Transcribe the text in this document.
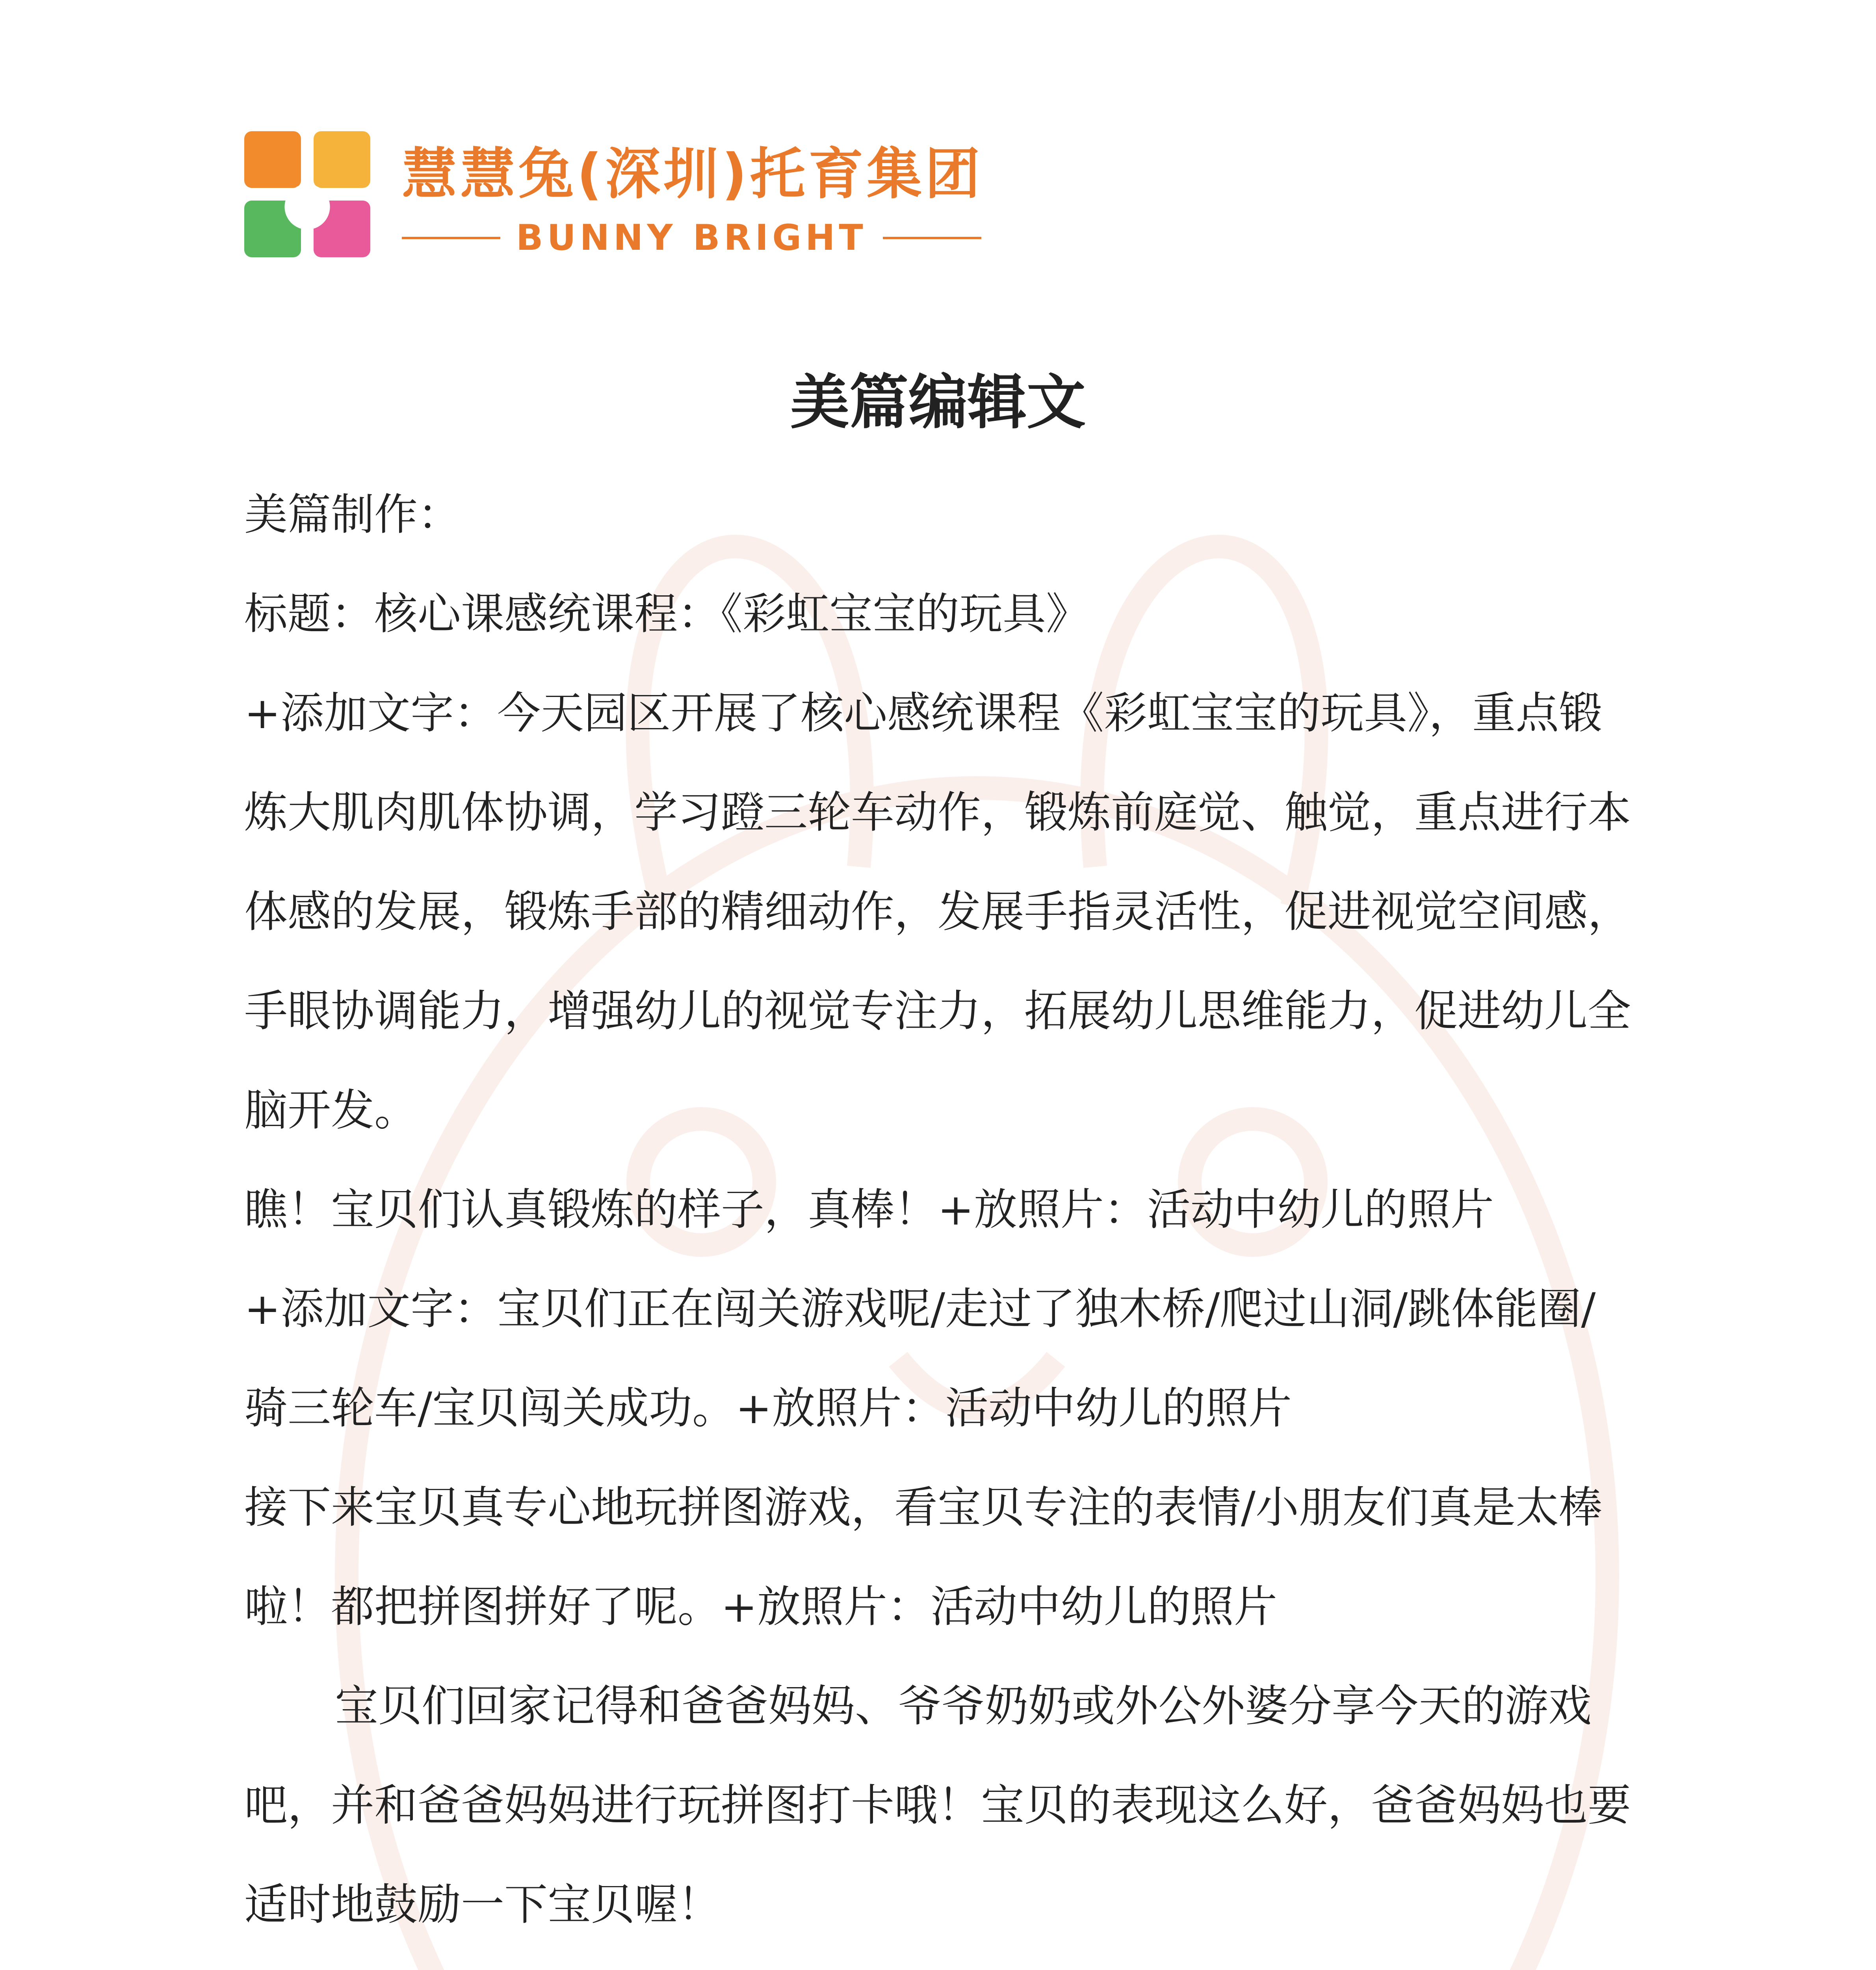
慧慧兔(深圳)托育集团
BUNNY BRIGHT
美篇编辑文

美篇制作：

标题：核心课感统课程：《彩虹宝宝的玩具》

+添加文字：今天园区开展了核心感统课程《彩虹宝宝的玩具》，重点锻炼大肌肉肌体协调，学习蹬三轮车动作，锻炼前庭觉、触觉，重点进行本体感的发展，锻炼手部的精细动作，发展手指灵活性，促进视觉空间感，手眼协调能力，增强幼儿的视觉专注力，拓展幼儿思维能力，促进幼儿全脑开发。

瞧！宝贝们认真锻炼的样子，真棒！+放照片：活动中幼儿的照片

+添加文字：宝贝们正在闯关游戏呢/走过了独木桥/爬过山洞/跳体能圈/骑三轮车/宝贝闯关成功。+放照片：活动中幼儿的照片

接下来宝贝真专心地玩拼图游戏，看宝贝专注的表情/小朋友们真是太棒啦！都把拼图拼好了呢。+放照片：活动中幼儿的照片

宝贝们回家记得和爸爸妈妈、爷爷奶奶或外公外婆分享今天的游戏吧，并和爸爸妈妈进行玩拼图打卡哦！宝贝的表现这么好，爸爸妈妈也要适时地鼓励一下宝贝喔！
